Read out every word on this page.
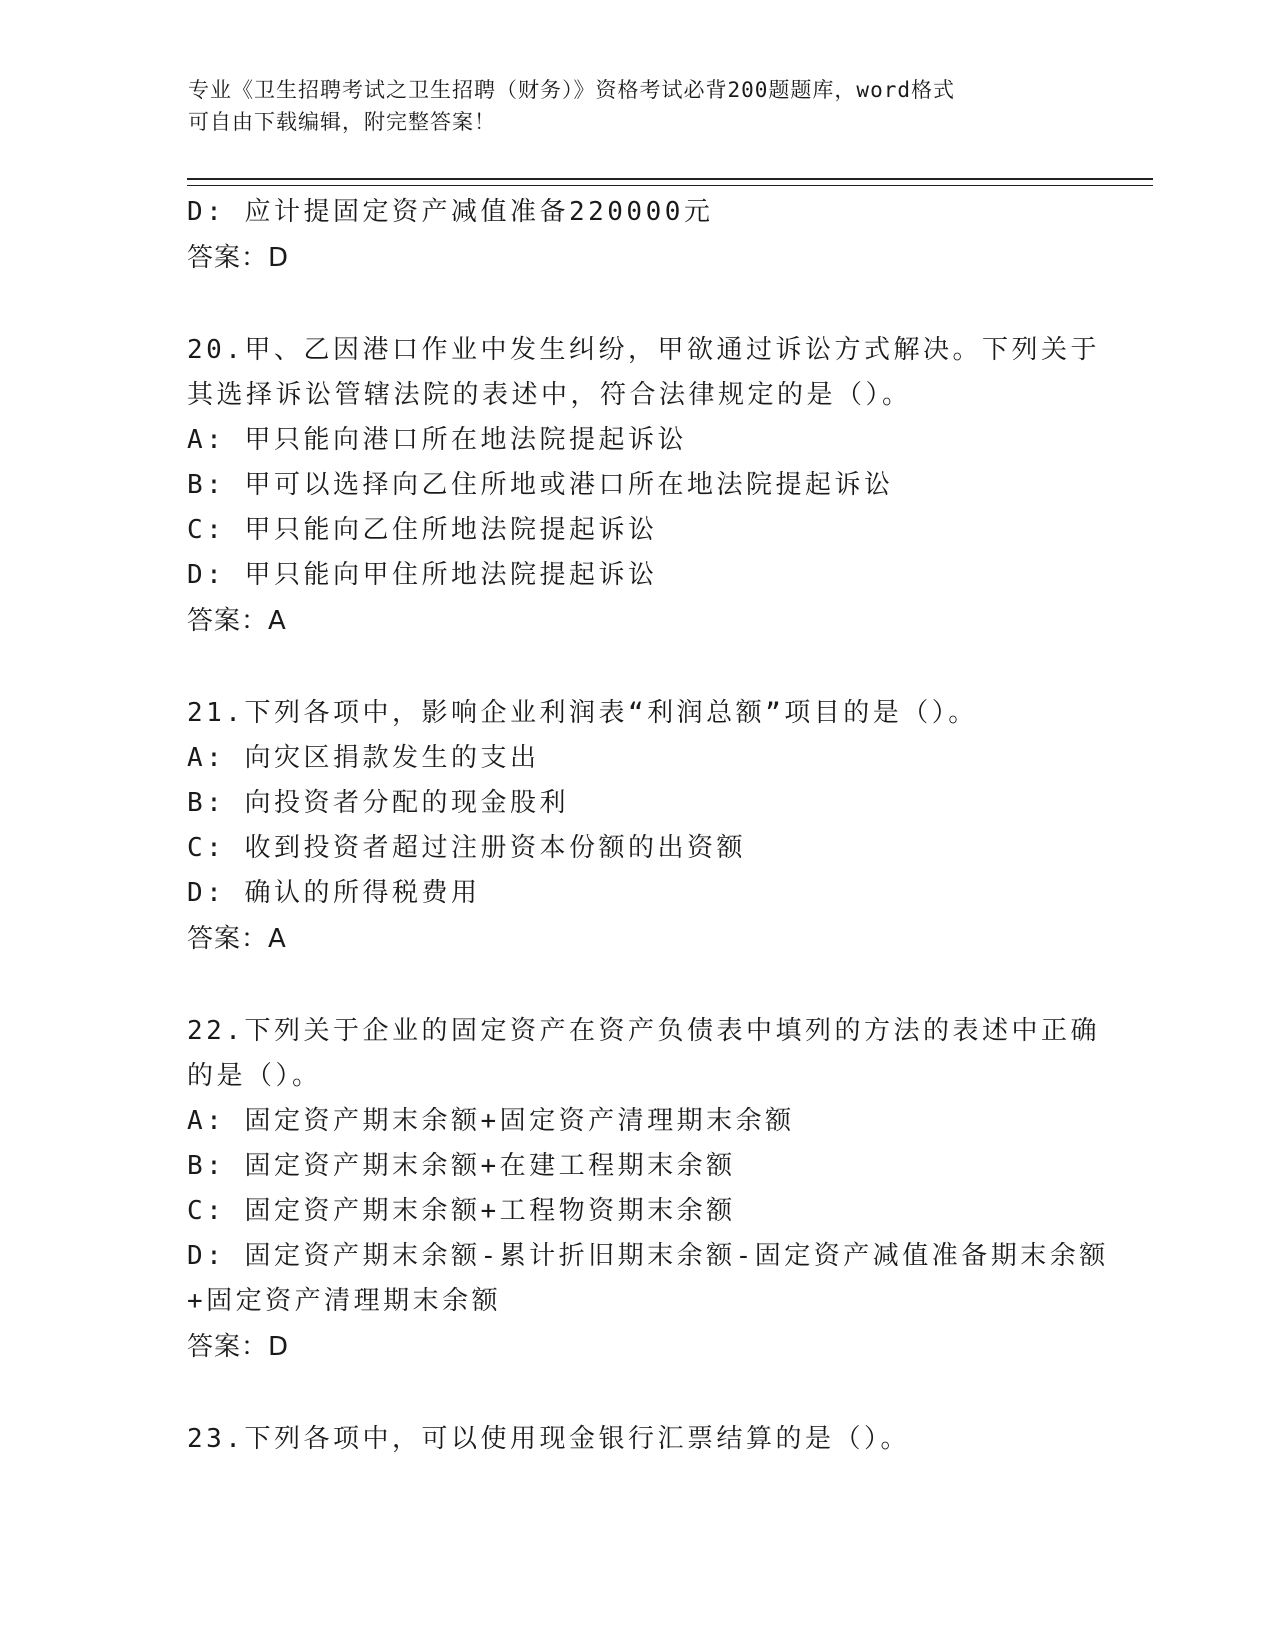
专业《卫生招聘考试之卫生招聘（财务）》资格考试必背200题题库，word格式
可自由下载编辑，附完整答案！
D: 应计提固定资产减值准备220000元
答案：D
20.甲、乙因港口作业中发生纠纷，甲欲通过诉讼方式解决。下列关于
其选择诉讼管辖法院的表述中，符合法律规定的是（）。
A: 甲只能向港口所在地法院提起诉讼
B: 甲可以选择向乙住所地或港口所在地法院提起诉讼
C: 甲只能向乙住所地法院提起诉讼
D: 甲只能向甲住所地法院提起诉讼
答案：A
21.下列各项中，影响企业利润表“利润总额”项目的是（）。
A: 向灾区捐款发生的支出
B: 向投资者分配的现金股利
C: 收到投资者超过注册资本份额的出资额
D: 确认的所得税费用
答案：A
22.下列关于企业的固定资产在资产负债表中填列的方法的表述中正确
的是（）。
A: 固定资产期末余额+固定资产清理期末余额
B: 固定资产期末余额+在建工程期末余额
C: 固定资产期末余额+工程物资期末余额
D: 固定资产期末余额-累计折旧期末余额-固定资产减值准备期末余额
+固定资产清理期末余额
答案：D
23.下列各项中，可以使用现金银行汇票结算的是（）。
